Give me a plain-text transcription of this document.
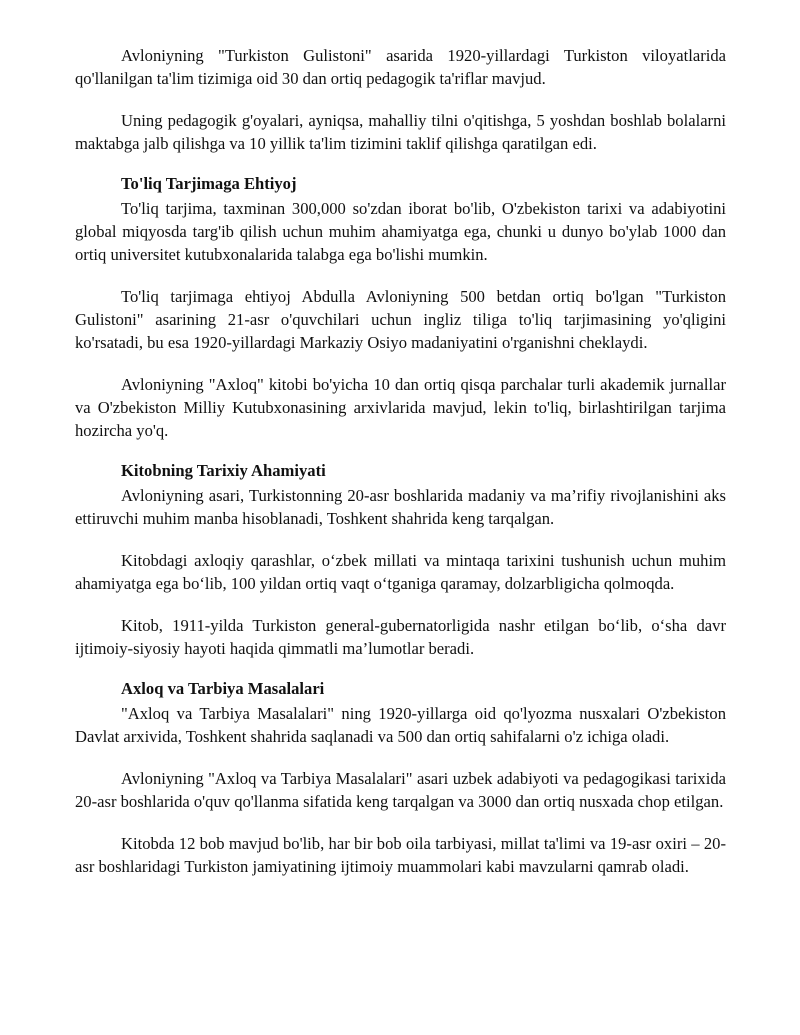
Avloniyning "Turkiston Gulistoni" asarida 1920-yillardagi Turkiston viloyatlarida qo'llanilgan ta'lim tizimiga oid 30 dan ortiq pedagogik ta'riflar mavjud.

Uning pedagogik g'oyalari, ayniqsa, mahalliy tilni o'qitishga, 5 yoshdan boshlab bolalarni maktabga jalb qilishga va 10 yillik ta'lim tizimini taklif qilishga qaratilgan edi.

To'liq Tarjimaga Ehtiyoj

To'liq tarjima, taxminan 300,000 so'zdan iborat bo'lib, O'zbekiston tarixi va adabiyotini global miqyosda targ'ib qilish uchun muhim ahamiyatga ega, chunki u dunyo bo'ylab 1000 dan ortiq universitet kutubxonalarida talabga ega bo'lishi mumkin.

To'liq tarjimaga ehtiyoj Abdulla Avloniyning 500 betdan ortiq bo'lgan "Turkiston Gulistoni" asarining 21-asr o'quvchilari uchun ingliz tiliga to'liq tarjimasining yo'qligini ko'rsatadi, bu esa 1920-yillardagi Markaziy Osiyo madaniyatini o'rganishni cheklaydi.

Avloniyning "Axloq" kitobi bo'yicha 10 dan ortiq qisqa parchalar turli akademik jurnallar va O'zbekiston Milliy Kutubxonasining arxivlarida mavjud, lekin to'liq, birlashtirilgan tarjima hozircha yo'q.

Kitobning Tarixiy Ahamiyati

Avloniyning asari, Turkistonning 20-asr boshlarida madaniy va ma’rifiy rivojlanishini aks ettiruvchi muhim manba hisoblanadi, Toshkent shahrida keng tarqalgan.

Kitobdagi axloqiy qarashlar, o‘zbek millati va mintaqa tarixini tushunish uchun muhim ahamiyatga ega bo‘lib, 100 yildan ortiq vaqt o‘tganiga qaramay, dolzarbligicha qolmoqda.

Kitob, 1911-yilda Turkiston general-gubernatorligida nashr etilgan bo‘lib, o‘sha davr ijtimoiy-siyosiy hayoti haqida qimmatli ma’lumotlar beradi.

Axloq va Tarbiya Masalalari

"Axloq va Tarbiya Masalalari" ning 1920-yillarga oid qo'lyozma nusxalari O'zbekiston Davlat arxivida, Toshkent shahrida saqlanadi va 500 dan ortiq sahifalarni o'z ichiga oladi.

Avloniyning "Axloq va Tarbiya Masalalari" asari uzbek adabiyoti va pedagogikasi tarixida 20-asr boshlarida o'quv qo'llanma sifatida keng tarqalgan va 3000 dan ortiq nusxada chop etilgan.

Kitobda 12 bob mavjud bo'lib, har bir bob oila tarbiyasi, millat ta'limi va 19-asr oxiri – 20-asr boshlaridagi Turkiston jamiyatining ijtimoiy muammolari kabi mavzularni qamrab oladi.
